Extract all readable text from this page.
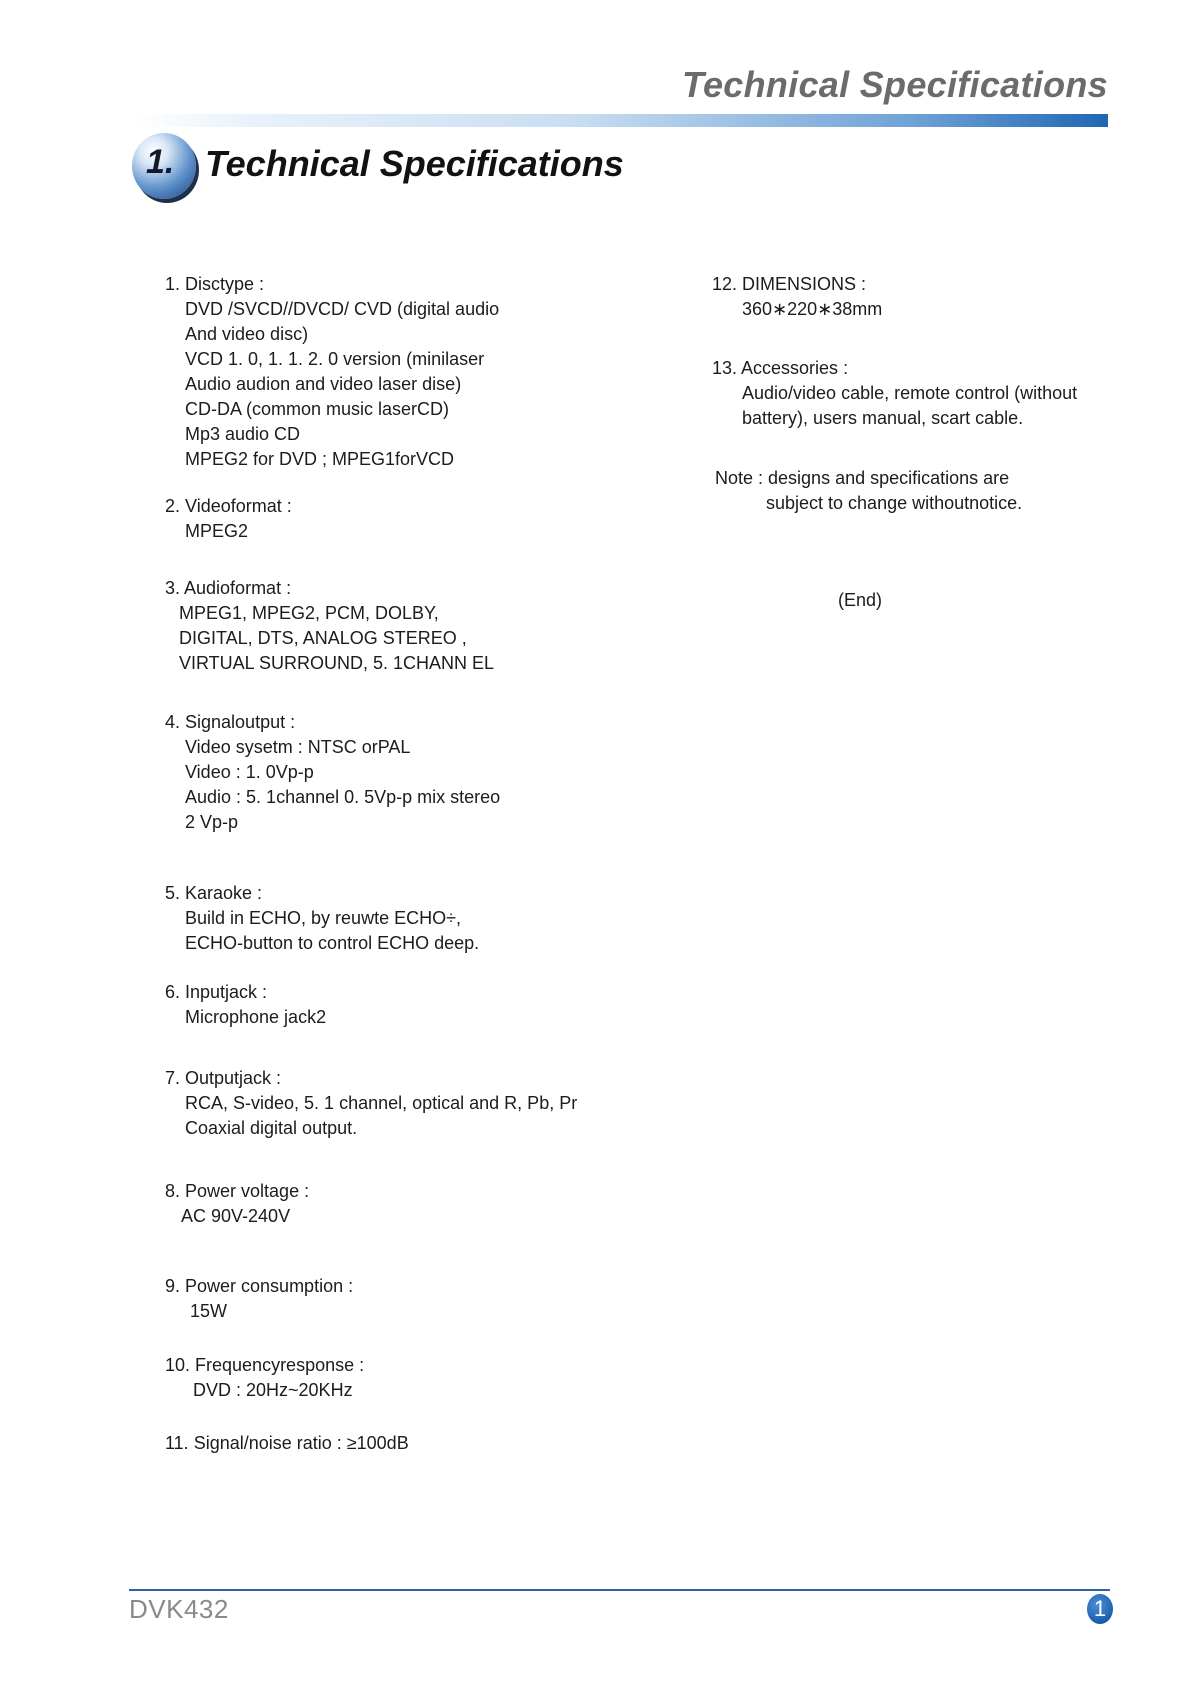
Technical Specifications
1. Technical Specifications
1. Disctype :
DVD /SVCD//DVCD/ CVD (digital audio
And video disc)
VCD 1. 0, 1. 1. 2. 0 version (minilaser
Audio audion and video laser dise)
CD-DA (common music laserCD)
Mp3 audio CD
MPEG2 for DVD ; MPEG1forVCD
2. Videoformat :
MPEG2
3. Audioformat :
MPEG1, MPEG2, PCM, DOLBY,
DIGITAL, DTS, ANALOG STEREO ,
VIRTUAL SURROUND, 5. 1CHANN EL
4. Signaloutput :
Video sysetm : NTSC orPAL
Video : 1. 0Vp-p
Audio : 5. 1channel 0. 5Vp-p mix stereo
2 Vp-p
5. Karaoke :
Build in ECHO, by reuwte ECHO÷,
ECHO-button to control ECHO deep.
6. Inputjack :
Microphone jack2
7. Outputjack :
RCA, S-video, 5. 1 channel, optical and R, Pb, Pr
Coaxial digital output.
8. Power voltage :
AC 90V-240V
9. Power consumption :
15W
10. Frequencyresponse :
DVD : 20Hz~20KHz
11. Signal/noise ratio : ≥100dB
12. DIMENSIONS :
360∗220∗38mm
13. Accessories :
Audio/video cable, remote control (without
battery), users manual, scart cable.
Note : designs and specifications are
subject to change withoutnotice.
(End)
DVK432	1
